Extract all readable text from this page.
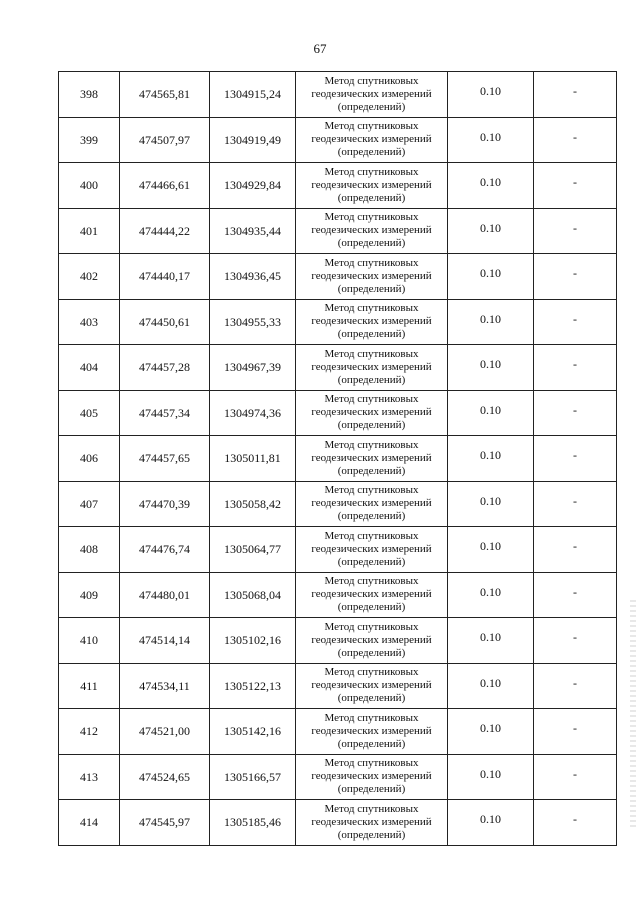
67
398	474565,81	1304915,24	Метод спутниковых
геодезических измерений
(определений)	0.10	-
399	474507,97	1304919,49	Метод спутниковых
геодезических измерений
(определений)	0.10	-
400	474466,61	1304929,84	Метод спутниковых
геодезических измерений
(определений)	0.10	-
401	474444,22	1304935,44	Метод спутниковых
геодезических измерений
(определений)	0.10	-
402	474440,17	1304936,45	Метод спутниковых
геодезических измерений
(определений)	0.10	-
403	474450,61	1304955,33	Метод спутниковых
геодезических измерений
(определений)	0.10	-
404	474457,28	1304967,39	Метод спутниковых
геодезических измерений
(определений)	0.10	-
405	474457,34	1304974,36	Метод спутниковых
геодезических измерений
(определений)	0.10	-
406	474457,65	1305011,81	Метод спутниковых
геодезических измерений
(определений)	0.10	-
407	474470,39	1305058,42	Метод спутниковых
геодезических измерений
(определений)	0.10	-
408	474476,74	1305064,77	Метод спутниковых
геодезических измерений
(определений)	0.10	-
409	474480,01	1305068,04	Метод спутниковых
геодезических измерений
(определений)	0.10	-
410	474514,14	1305102,16	Метод спутниковых
геодезических измерений
(определений)	0.10	-
411	474534,11	1305122,13	Метод спутниковых
геодезических измерений
(определений)	0.10	-
412	474521,00	1305142,16	Метод спутниковых
геодезических измерений
(определений)	0.10	-
413	474524,65	1305166,57	Метод спутниковых
геодезических измерений
(определений)	0.10	-
414	474545,97	1305185,46	Метод спутниковых
геодезических измерений
(определений)	0.10	-
